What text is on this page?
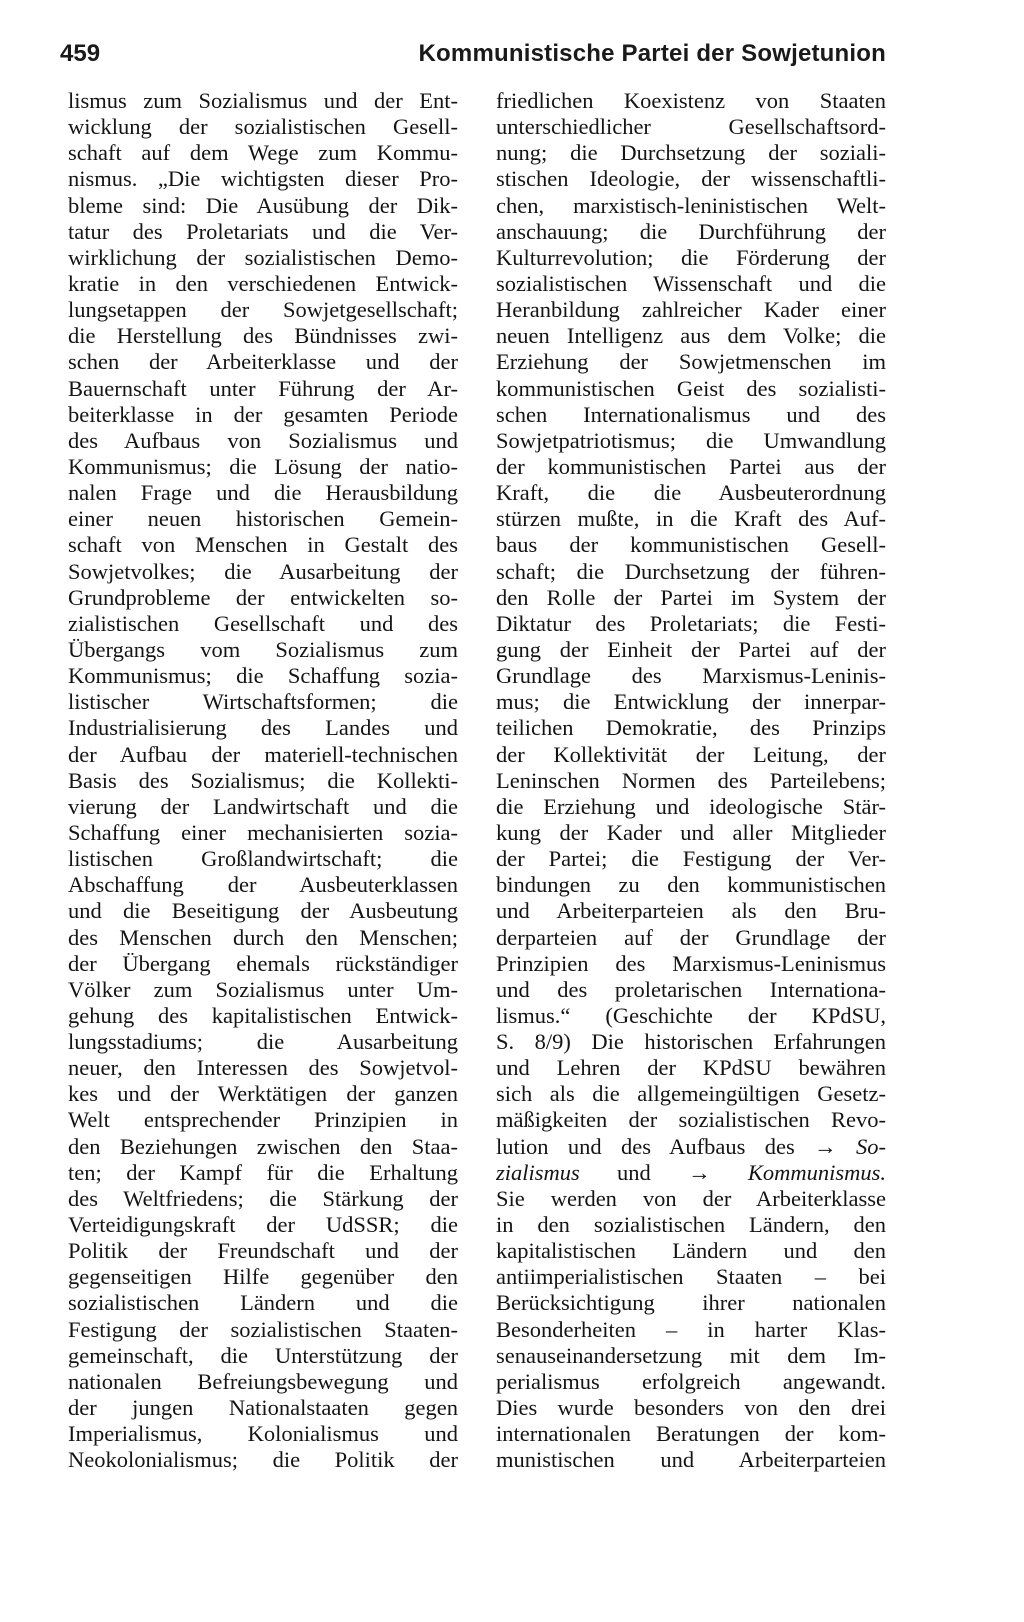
459	Kommunistische Partei der Sowjetunion
lismus zum Sozialismus und der Ent-
wicklung der sozialistischen Gesell-
schaft auf dem Wege zum Kommu-
nismus. „Die wichtigsten dieser Pro-
bleme sind: Die Ausübung der Dik-
tatur des Proletariats und die Ver-
wirklichung der sozialistischen Demo-
kratie in den verschiedenen Entwick-
lungsetappen der Sowjetgesellschaft;
die Herstellung des Bündnisses zwi-
schen der Arbeiterklasse und der
Bauernschaft unter Führung der Ar-
beiterklasse in der gesamten Periode
des Aufbaus von Sozialismus und
Kommunismus; die Lösung der natio-
nalen Frage und die Herausbildung
einer neuen historischen Gemein-
schaft von Menschen in Gestalt des
Sowjetvolkes; die Ausarbeitung der
Grundprobleme der entwickelten so-
zialistischen Gesellschaft und des
Übergangs vom Sozialismus zum
Kommunismus; die Schaffung sozia-
listischer Wirtschaftsformen; die
Industrialisierung des Landes und
der Aufbau der materiell-technischen
Basis des Sozialismus; die Kollekti-
vierung der Landwirtschaft und die
Schaffung einer mechanisierten sozia-
listischen Großlandwirtschaft; die
Abschaffung der Ausbeuterklassen
und die Beseitigung der Ausbeutung
des Menschen durch den Menschen;
der Übergang ehemals rückständiger
Völker zum Sozialismus unter Um-
gehung des kapitalistischen Entwick-
lungsstadiums; die Ausarbeitung
neuer, den Interessen des Sowjetvol-
kes und der Werktätigen der ganzen
Welt entsprechender Prinzipien in
den Beziehungen zwischen den Staa-
ten; der Kampf für die Erhaltung
des Weltfriedens; die Stärkung der
Verteidigungskraft der UdSSR; die
Politik der Freundschaft und der
gegenseitigen Hilfe gegenüber den
sozialistischen Ländern und die
Festigung der sozialistischen Staaten-
gemeinschaft, die Unterstützung der
nationalen Befreiungsbewegung und
der jungen Nationalstaaten gegen
Imperialismus, Kolonialismus und
Neokolonialismus; die Politik der
friedlichen Koexistenz von Staaten
unterschiedlicher Gesellschaftsord-
nung; die Durchsetzung der soziali-
stischen Ideologie, der wissenschaftli-
chen, marxistisch-leninistischen Welt-
anschauung; die Durchführung der
Kulturrevolution; die Förderung der
sozialistischen Wissenschaft und die
Heranbildung zahlreicher Kader einer
neuen Intelligenz aus dem Volke; die
Erziehung der Sowjetmenschen im
kommunistischen Geist des sozialisti-
schen Internationalismus und des
Sowjetpatriotismus; die Umwandlung
der kommunistischen Partei aus der
Kraft, die die Ausbeuterordnung
stürzen mußte, in die Kraft des Auf-
baus der kommunistischen Gesell-
schaft; die Durchsetzung der führen-
den Rolle der Partei im System der
Diktatur des Proletariats; die Festi-
gung der Einheit der Partei auf der
Grundlage des Marxismus-Leninis-
mus; die Entwicklung der innerpar-
teilichen Demokratie, des Prinzips
der Kollektivität der Leitung, der
Leninschen Normen des Parteilebens;
die Erziehung und ideologische Stär-
kung der Kader und aller Mitglieder
der Partei; die Festigung der Ver-
bindungen zu den kommunistischen
und Arbeiterparteien als den Bru-
derparteien auf der Grundlage der
Prinzipien des Marxismus-Leninismus
und des proletarischen Internationa-
lismus.“ (Geschichte der KPdSU,
S. 8/9) Die historischen Erfahrungen
und Lehren der KPdSU bewähren
sich als die allgemeingültigen Gesetz-
mäßigkeiten der sozialistischen Revo-
lution und des Aufbaus des → So-
zialismus und → Kommunismus.
Sie werden von der Arbeiterklasse
in den sozialistischen Ländern, den
kapitalistischen Ländern und den
antiimperialistischen Staaten – bei
Berücksichtigung ihrer nationalen
Besonderheiten – in harter Klas-
senauseinandersetzung mit dem Im-
perialismus erfolgreich angewandt.
Dies wurde besonders von den drei
internationalen Beratungen der kom-
munistischen und Arbeiterparteien
